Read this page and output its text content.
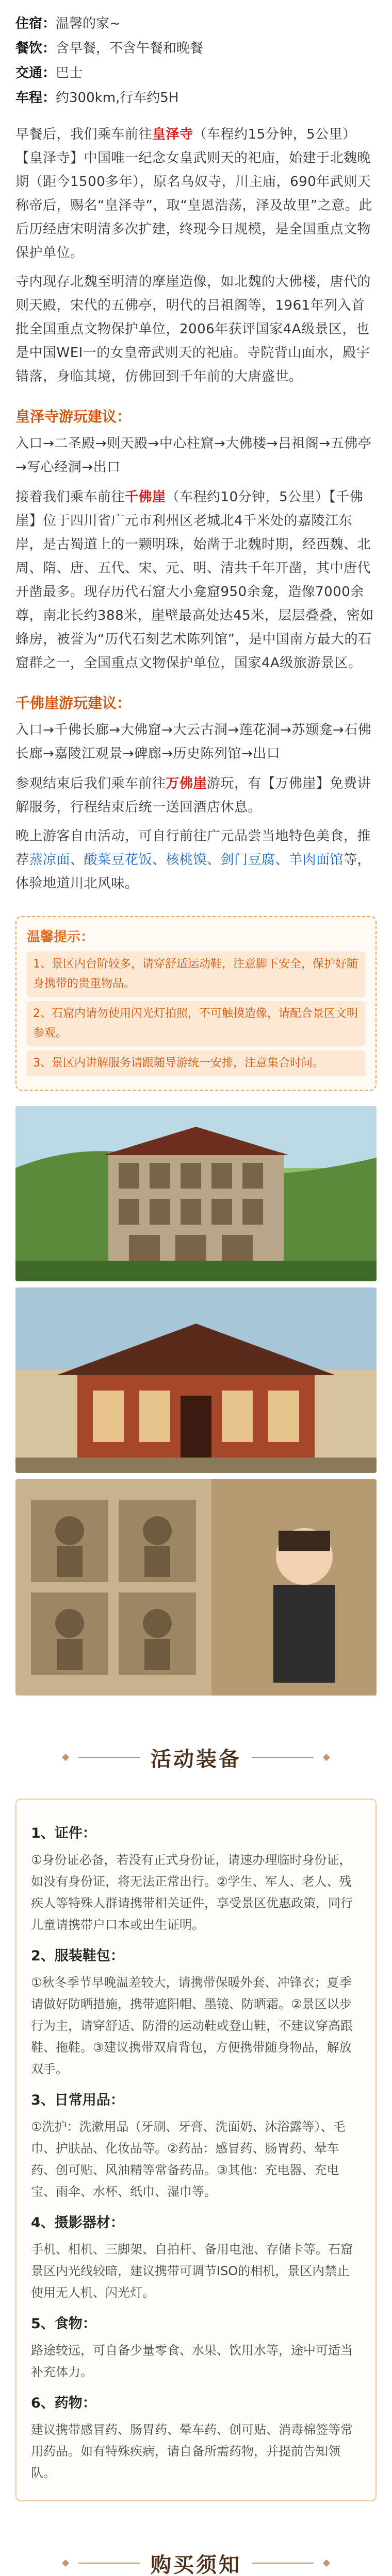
住宿：温馨的家~

餐饮：含早餐，不含午餐和晚餐

交通：巴士

车程：约300km,行车约5H

早餐后，我们乘车前往皇泽寺（车程约15分钟，5公里）【皇泽寺】中国唯一纪念女皇武则天的祀庙，始建于北魏晚期（距今1500多年），原名乌奴寺，川主庙，690年武则天称帝后，赐名“皇泽寺”，取“皇恩浩荡，泽及故里”之意。此后历经唐宋明清多次扩建，终现今日规模，是全国重点文物保护单位。

寺内现存北魏至明清的摩崖造像，如北魏的大佛楼，唐代的则天殿，宋代的五佛亭，明代的吕祖阁等，1961年列入首批全国重点文物保护单位，2006年获评国家4A级景区，也是中国WEI一的女皇帝武则天的祀庙。寺院背山面水，殿宇错落，身临其境，仿佛回到千年前的大唐盛世。

皇泽寺游玩建议：

入口→二圣殿→则天殿→中心柱窟→大佛楼→吕祖阁→五佛亭→写心经洞→出口

接着我们乘车前往千佛崖（车程约10分钟，5公里）【千佛崖】位于四川省广元市利州区老城北4千米处的嘉陵江东岸，是古蜀道上的一颗明珠，始凿于北魏时期，经西魏、北周、隋、唐、五代、宋、元、明、清共千年开凿，其中唐代开凿最多。现存历代石窟大小龛窟950余龛，造像7000余尊，南北长约388米，崖壁最高处达45米，层层叠叠，密如蜂房，被誉为“历代石刻艺术陈列馆”，是中国南方最大的石窟群之一，全国重点文物保护单位，国家4A级旅游景区。

千佛崖游玩建议：

入口→千佛长廊→大佛窟→大云古洞→莲花洞→苏颋龛→石佛长廊→嘉陵江观景→碑廊→历史陈列馆→出口

参观结束后我们乘车前往万佛崖游玩，有【万佛崖】免费讲解服务，行程结束后统一送回酒店休息。

晚上游客自由活动，可自行前往广元品尝当地特色美食，推荐蒸凉面、酸菜豆花饭、核桃馍、剑门豆腐、羊肉面馆等，体验地道川北风味。

温馨提示：
1、景区内台阶较多，请穿舒适运动鞋，注意脚下安全，保护好随身携带的贵重物品。
2、石窟内请勿使用闪光灯拍照，不可触摸造像，请配合景区文明参观。
3、景区内讲解服务请跟随导游统一安排，注意集合时间。
活动装备
1、证件：

①身份证必备，若没有正式身份证，请速办理临时身份证，如没有身份证，将无法正常出行。②学生、军人、老人、残疾人等特殊人群请携带相关证件，享受景区优惠政策，同行儿童请携带户口本或出生证明。

2、服装鞋包：

①秋冬季节早晚温差较大，请携带保暖外套、冲锋衣；夏季请做好防晒措施，携带遮阳帽、墨镜、防晒霜。②景区以步行为主，请穿舒适、防滑的运动鞋或登山鞋，不建议穿高跟鞋、拖鞋。③建议携带双肩背包，方便携带随身物品，解放双手。

3、日常用品：

①洗护：洗漱用品（牙刷、牙膏、洗面奶、沐浴露等）、毛巾、护肤品、化妆品等。②药品：感冒药、肠胃药、晕车药、创可贴、风油精等常备药品。③其他：充电器、充电宝、雨伞、水杯、纸巾、湿巾等。

4、摄影器材：

手机、相机、三脚架、自拍杆、备用电池、存储卡等。石窟景区内光线较暗，建议携带可调节ISO的相机，景区内禁止使用无人机、闪光灯。

5、食物：

路途较远，可自备少量零食、水果、饮用水等，途中可适当补充体力。

6、药物：

建议携带感冒药、肠胃药、晕车药、创可贴、消毒棉签等常用药品。如有特殊疾病，请自备所需药物，并提前告知领队。

购买须知
